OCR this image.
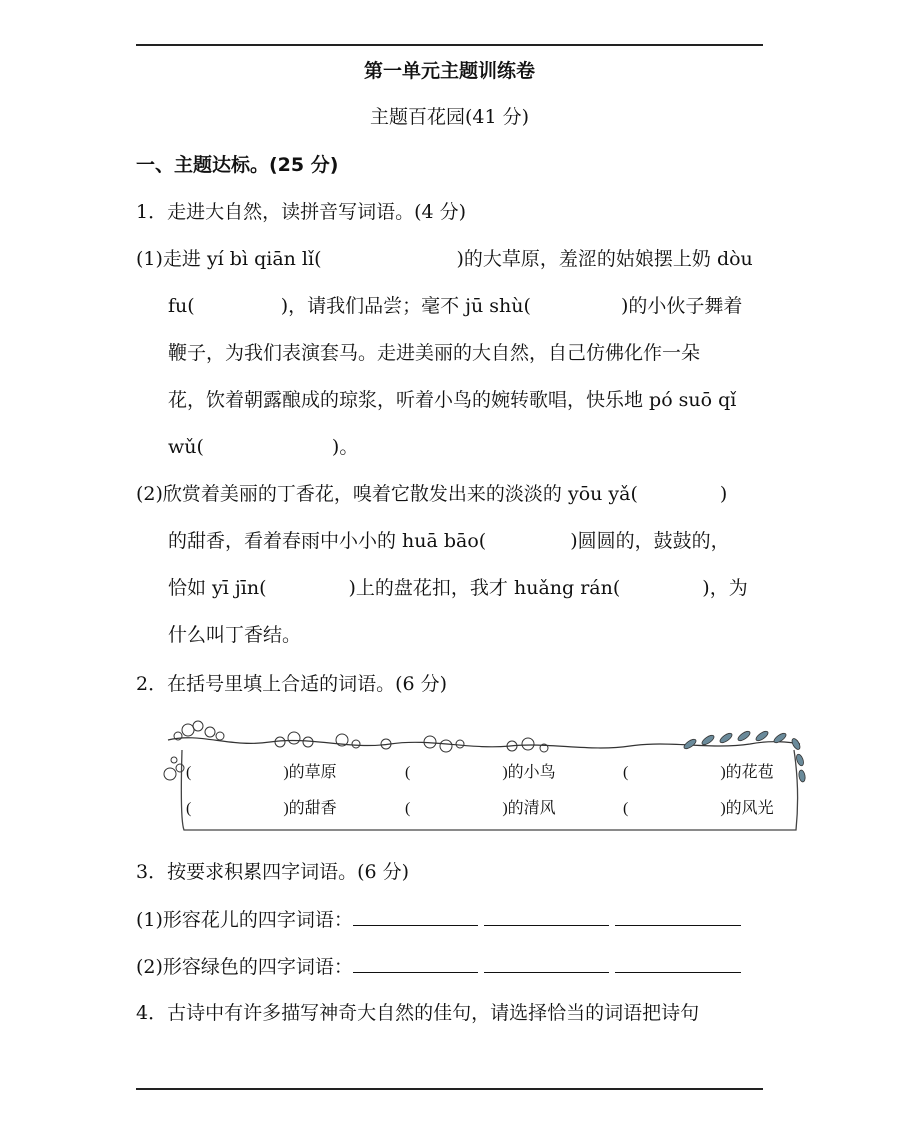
第一单元主题训练卷
主题百花园(41 分)
一、主题达标。(25 分)
1．走进大自然，读拼音写词语。(4 分)
(1)走进 yí bì qiān lǐ(	)的大草原，羞涩的姑娘摆上奶 dòu
fu(	)，请我们品尝；毫不 jū shù(	)的小伙子舞着
鞭子，为我们表演套马。走进美丽的大自然，自己仿佛化作一朵
花，饮着朝露酿成的琼浆，听着小鸟的婉转歌唱，快乐地 pó suō qǐ
wǔ(	)。
(2)欣赏着美丽的丁香花，嗅着它散发出来的淡淡的 yōu yǎ(	)
的甜香，看着春雨中小小的 huā bāo(	)圆圆的，鼓鼓的，
恰如 yī jīn(	)上的盘花扣，我才 huǎng rán(	)，为
什么叫丁香结。
2．在括号里填上合适的词语。(6 分)
(	)的草原	(	)的小鸟	(	)的花苞
(	)的甜香	(	)的清风	(	)的风光
3．按要求积累四字词语。(6 分)
(1)形容花儿的四字词语：
(2)形容绿色的四字词语：
4．古诗中有许多描写神奇大自然的佳句，请选择恰当的词语把诗句
